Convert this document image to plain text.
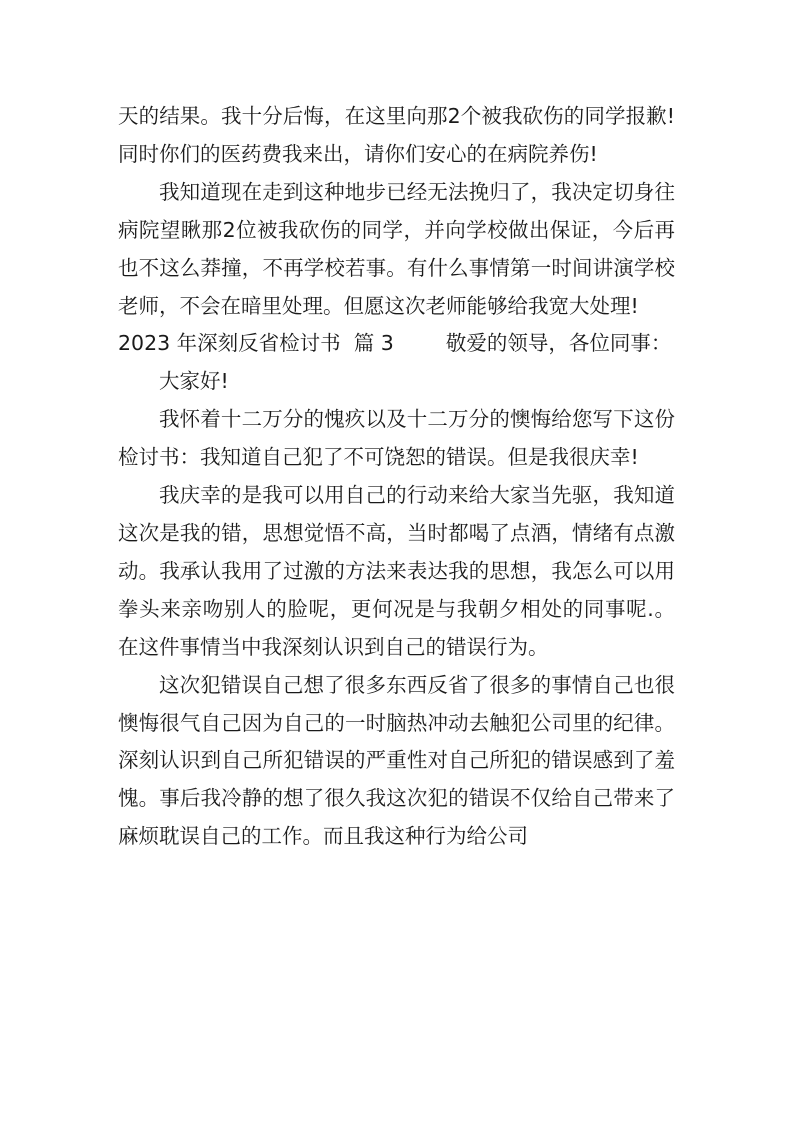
天的结果。我十分后悔，在这里向那2个被我砍伤的同学报歉!同时你们的医药费我来出，请你们安心的在病院养伤!

我知道现在走到这种地步已经无法挽归了，我决定切身往病院望瞅那2位被我砍伤的同学，并向学校做出保证，今后再也不这么莽撞，不再学校若事。有什么事情第一时间讲演学校老师，不会在暗里处理。但愿这次老师能够给我宽大处理!

2023 年深刻反省检讨书  篇 3        敬爱的领导，各位同事：

大家好!

我怀着十二万分的愧疚以及十二万分的懊悔给您写下这份检讨书：我知道自己犯了不可饶恕的错误。但是我很庆幸!

我庆幸的是我可以用自己的行动来给大家当先驱，我知道这次是我的错，思想觉悟不高，当时都喝了点酒，情绪有点激动。我承认我用了过激的方法来表达我的思想，我怎么可以用拳头来亲吻别人的脸呢，更何况是与我朝夕相处的同事呢.。在这件事情当中我深刻认识到自己的错误行为。

这次犯错误自己想了很多东西反省了很多的事情自己也很懊悔很气自己因为自己的一时脑热冲动去触犯公司里的纪律。深刻认识到自己所犯错误的严重性对自己所犯的错误感到了羞愧。事后我冷静的想了很久我这次犯的错误不仅给自己带来了麻烦耽误自己的工作。而且我这种行为给公司
